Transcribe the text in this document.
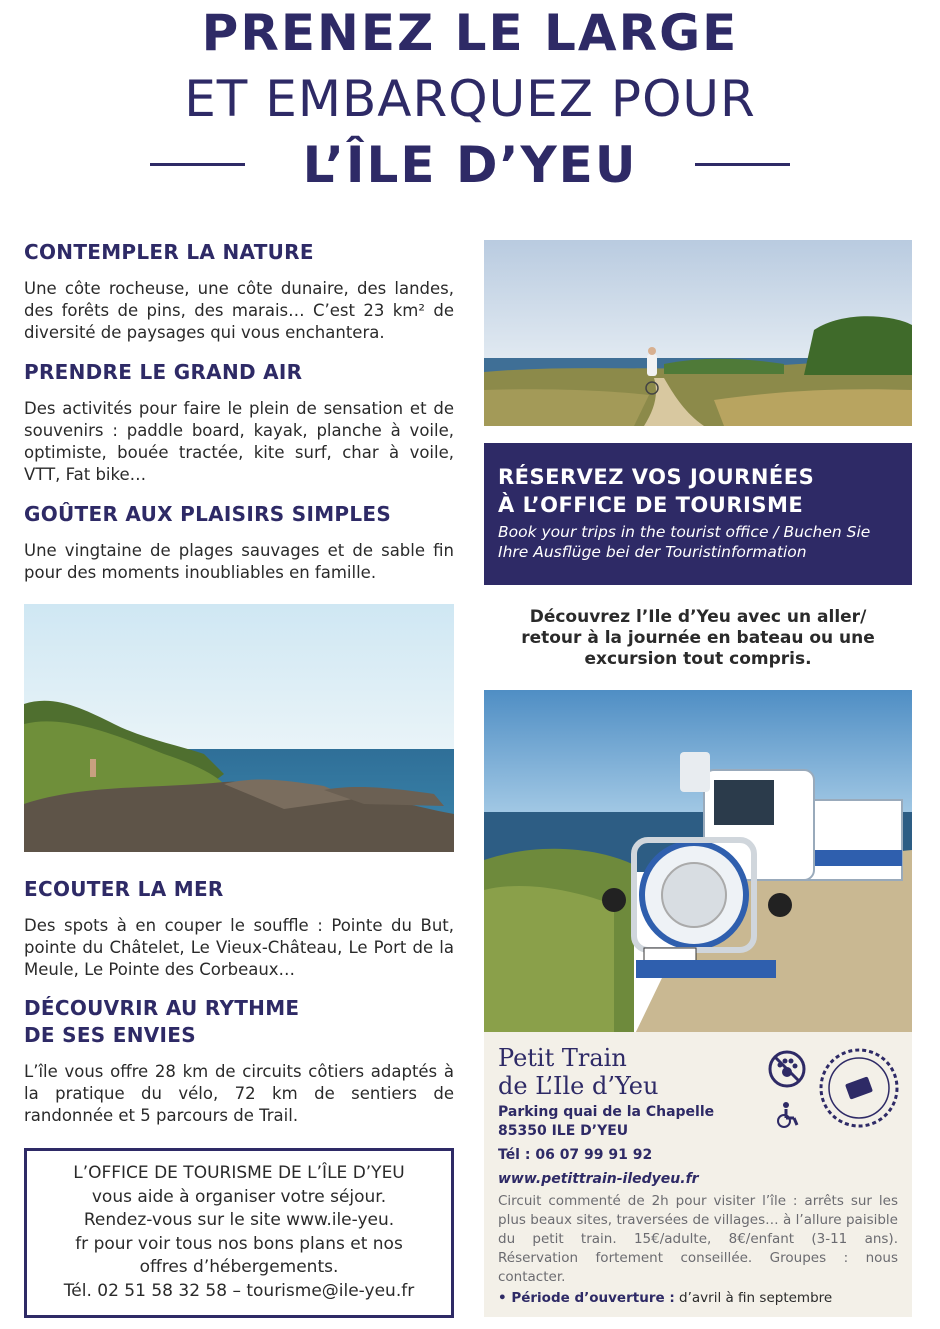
PRENEZ LE LARGE
ET EMBARQUEZ POUR
L’ÎLE D’YEU
CONTEMPLER LA NATURE
Une côte rocheuse, une côte dunaire, des landes, des forêts de pins, des marais… C’est 23 km² de diversité de paysages qui vous enchantera.
PRENDRE LE GRAND AIR
Des activités pour faire le plein de sensation et de souvenirs : paddle board, kayak, planche à voile, optimiste, bouée tractée, kite surf, char à voile, VTT, Fat bike…
GOÛTER AUX PLAISIRS SIMPLES
Une vingtaine de plages sauvages et de sable fin pour des moments inoubliables en famille.
ECOUTER LA MER
Des spots à en couper le souffle : Pointe du But, pointe du Châtelet, Le Vieux-Château, Le Port de la Meule, Le Pointe des Corbeaux…
DÉCOUVRIR AU RYTHME
DE SES ENVIES
L’île vous offre 28 km de circuits côtiers adaptés à la pratique du vélo, 72 km de sentiers de randonnée et 5 parcours de Trail.
L’OFFICE DE TOURISME DE L’ÎLE D’YEU
vous aide à organiser votre séjour.
Rendez-vous sur le site www.ile-yeu.
fr pour voir tous nos bons plans et nos
offres d’hébergements.
Tél. 02 51 58 32 58 – tourisme@ile-yeu.fr
RÉSERVEZ VOS JOURNÉES
À L’OFFICE DE TOURISME
Book your trips in the tourist office / Buchen Sie Ihre Ausflüge bei der Touristinformation
Découvrez l’Ile d’Yeu avec un aller/
retour à la journée en bateau ou une
excursion tout compris.
Petit Train
de L’Ile d’Yeu
Parking quai de la Chapelle
85350 ILE D’YEU
Tél : 06 07 99 91 92
www.petittrain-iledyeu.fr
Circuit commenté de 2h pour visiter l’île : arrêts sur les plus beaux sites, traversées de villages… à l’allure paisible du petit train. 15€/adulte, 8€/enfant (3-11 ans). Réservation fortement conseillée. Groupes : nous contacter.
• Période d’ouverture : d’avril à fin septembre
